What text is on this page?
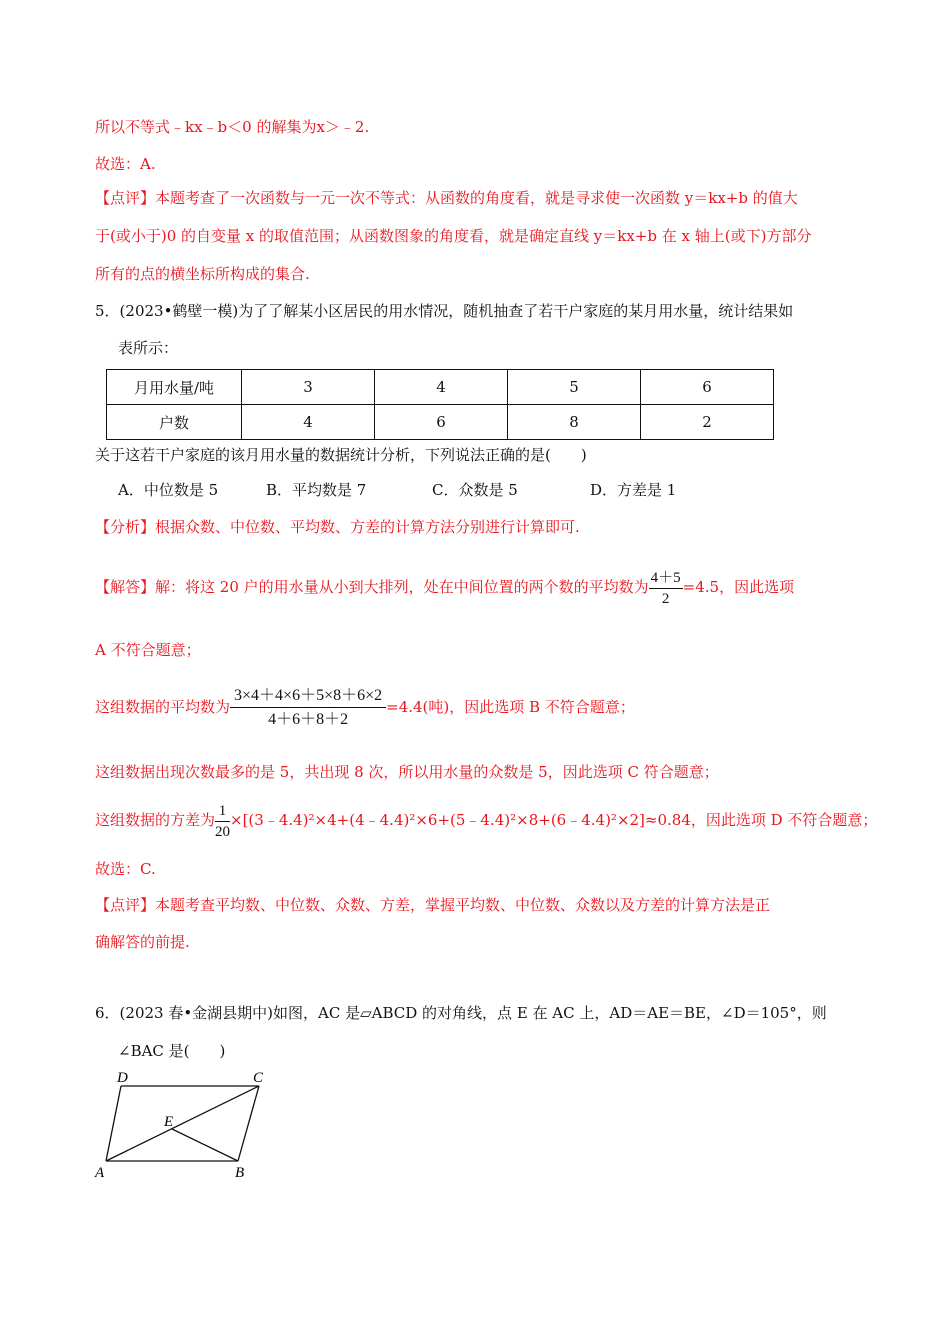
所以不等式﹣kx﹣b＜0 的解集为x＞﹣2.
故选：A.
【点评】本题考查了一次函数与一元一次不等式：从函数的角度看，就是寻求使一次函数 y＝kx+b 的值大
于(或小于)0 的自变量 x 的取值范围；从函数图象的角度看，就是确定直线 y＝kx+b 在 x 轴上(或下)方部分
所有的点的横坐标所构成的集合.
5．(2023•鹤壁一模)为了了解某小区居民的用水情况，随机抽查了若干户家庭的某月用水量，统计结果如
表所示：
月用水量/吨	3	4	5	6
户数	4	6	8	2
关于这若干户家庭的该月用水量的数据统计分析，下列说法正确的是(　　)
A．中位数是 5	B．平均数是 7	C．众数是 5	D．方差是 1
【分析】根据众数、中位数、平均数、方差的计算方法分别进行计算即可.
【解答】解：将这 20 户的用水量从小到大排列，处在中间位置的两个数的平均数为 $\frac{4+5}{2} =4.5$，因此选项
A 不符合题意；
这组数据的平均数为 $\frac{3\times 4+4\times 6+5\times 8+6\times 2}{4+6+8+2} =4.4$(吨)，因此选项 B 不符合题意；
这组数据出现次数最多的是 5，共出现 8 次，所以用水量的众数是 5，因此选项 C 符合题意；
这组数据的方差为 $\frac{1}{20}$ ×[(3﹣4.4)²×4+(4﹣4.4)²×6+(5﹣4.4)²×8+(6﹣4.4)²×2]≈0.84，因此选项 D 不符合题意；
故选：C.
【点评】本题考查平均数、中位数、众数、方差，掌握平均数、中位数、众数以及方差的计算方法是正
确解答的前提.
6．(2023 春•金湖县期中)如图，AC 是▱ABCD 的对角线，点 E 在 AC 上，AD＝AE＝BE，∠D＝105°，则
∠BAC 是(　　)
D	C
E
A	B
